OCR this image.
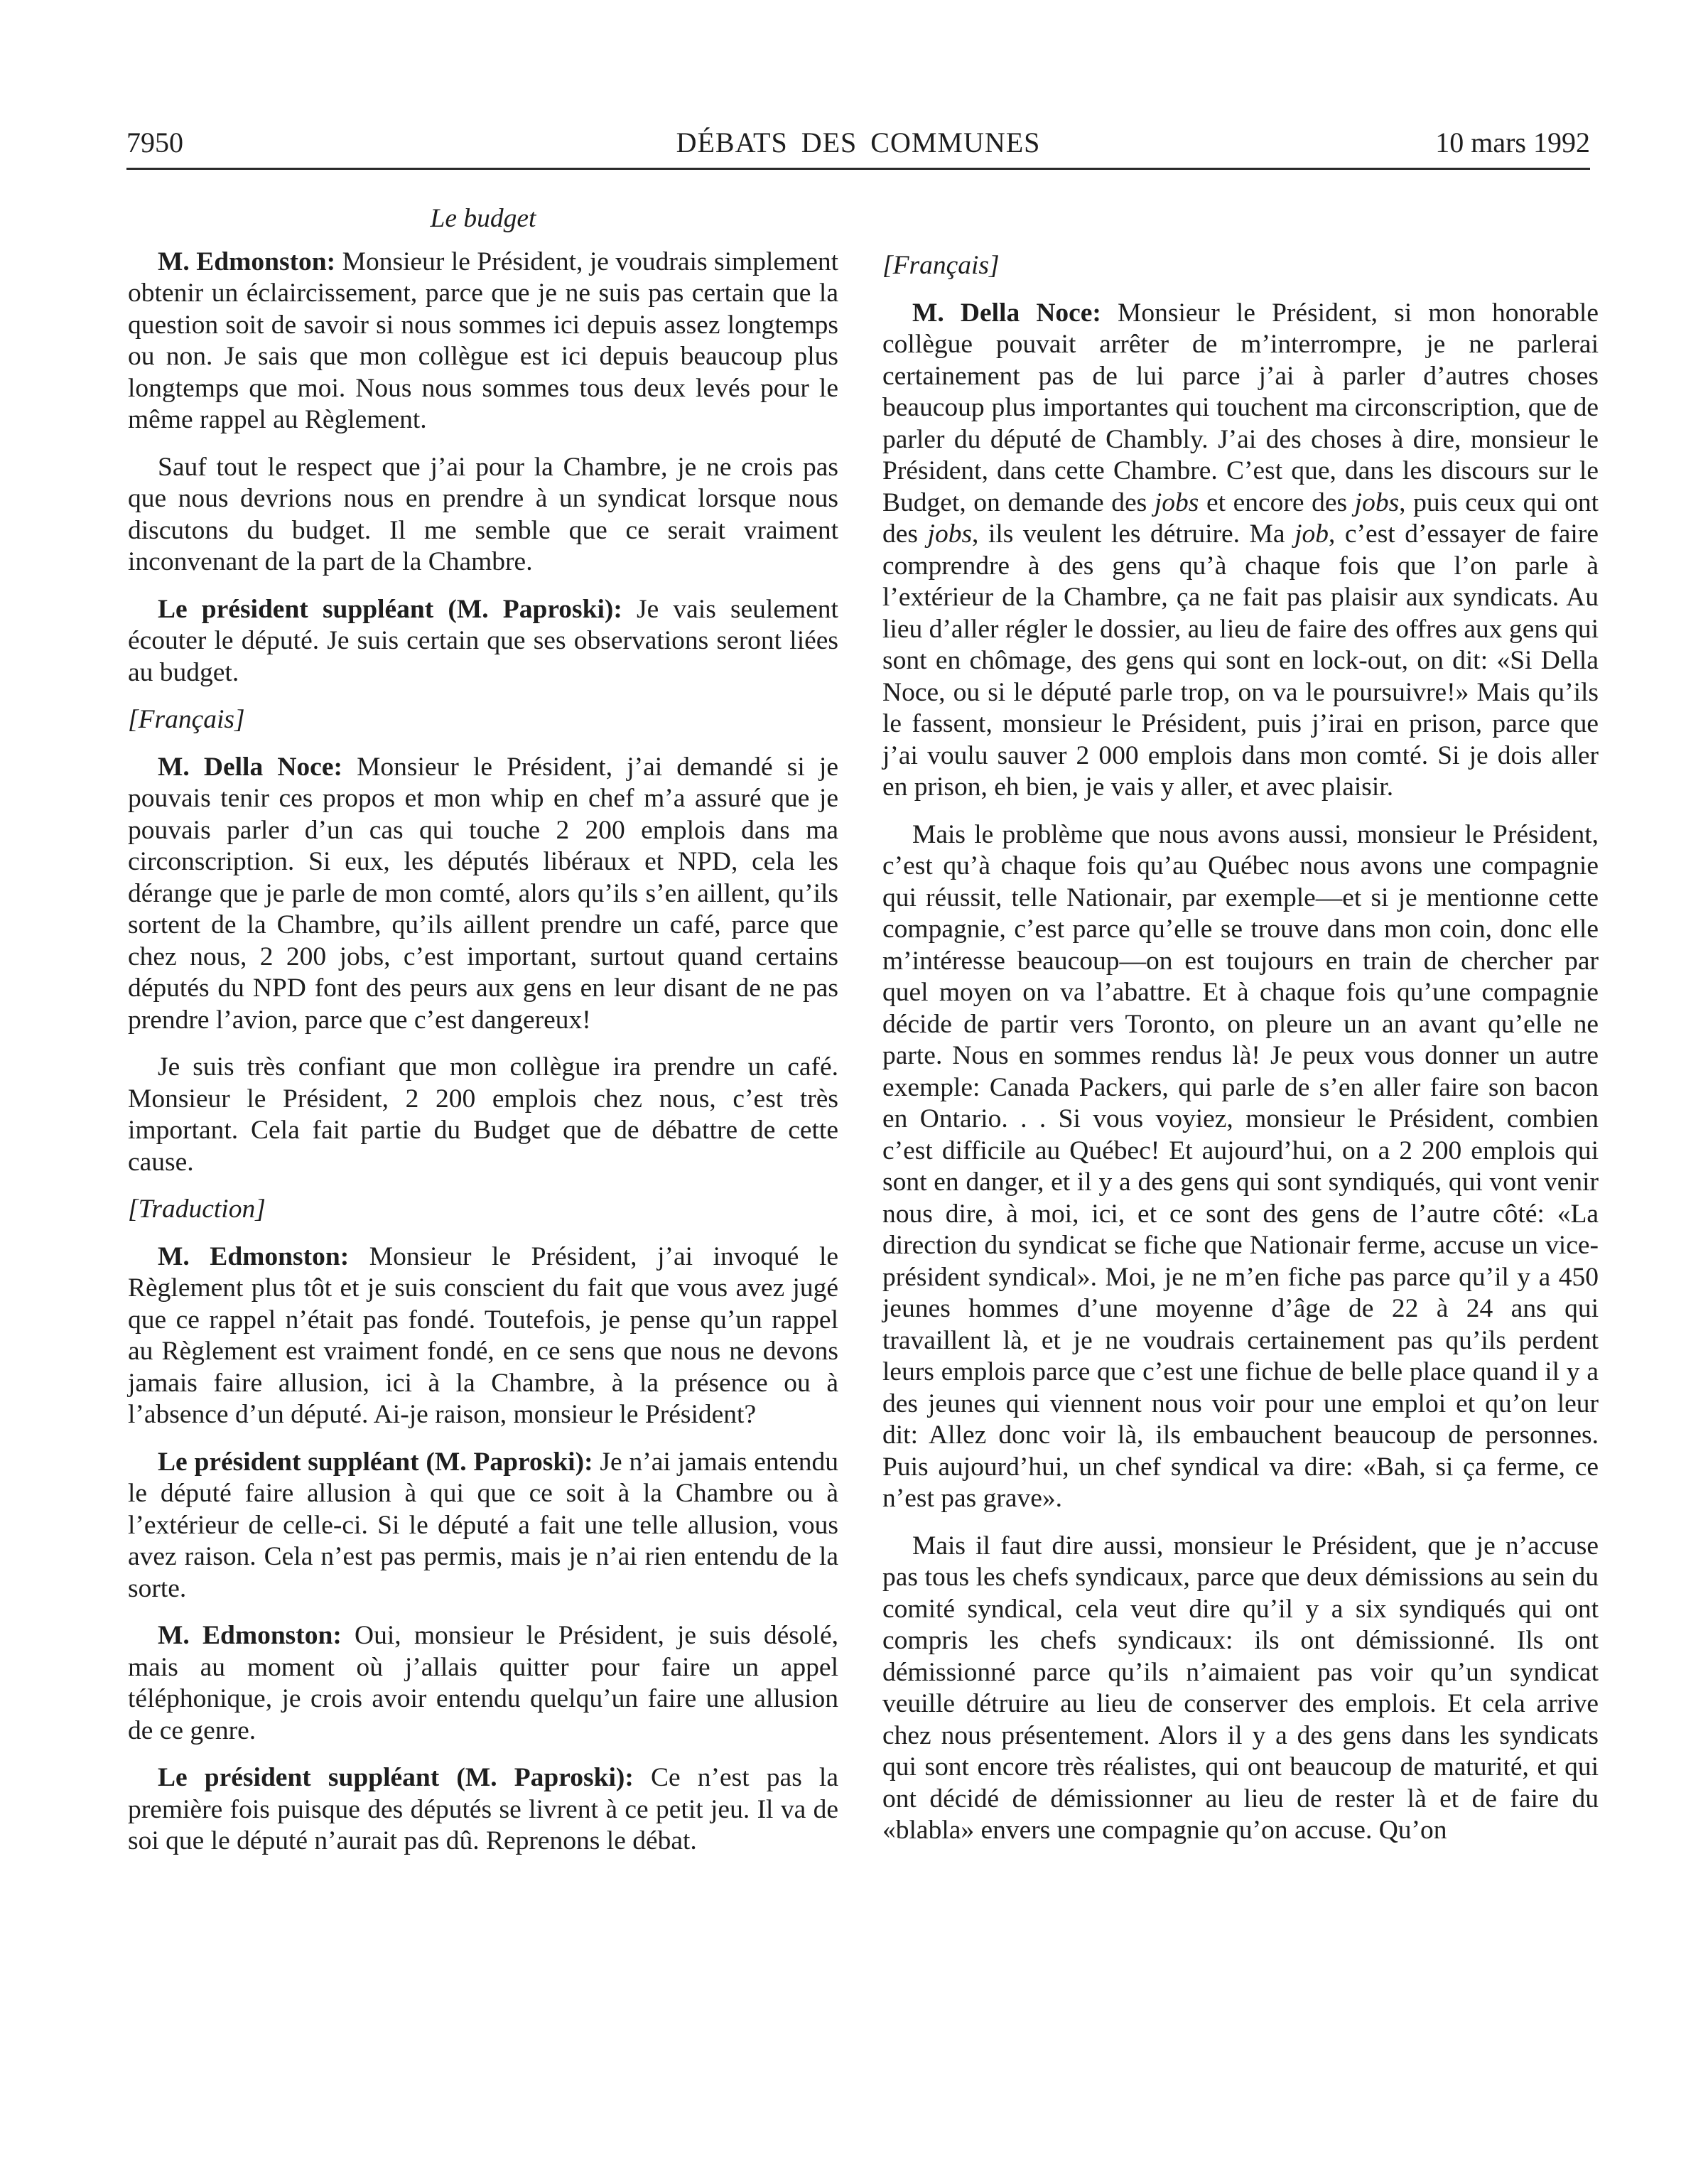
7950	DÉBATS DES COMMUNES	10 mars 1992
Le budget

M. Edmonston: Monsieur le Président, je voudrais simplement obtenir un éclaircissement, parce que je ne suis pas certain que la question soit de savoir si nous sommes ici depuis assez longtemps ou non. Je sais que mon collègue est ici depuis beaucoup plus longtemps que moi. Nous nous sommes tous deux levés pour le même rappel au Règlement.

Sauf tout le respect que j’ai pour la Chambre, je ne crois pas que nous devrions nous en prendre à un syndicat lorsque nous discutons du budget. Il me semble que ce serait vraiment inconvenant de la part de la Chambre.

Le président suppléant (M. Paproski): Je vais seulement écouter le député. Je suis certain que ses observations seront liées au budget.

[Français]

M. Della Noce: Monsieur le Président, j’ai demandé si je pouvais tenir ces propos et mon whip en chef m’a assuré que je pouvais parler d’un cas qui touche 2 200 emplois dans ma circonscription. Si eux, les députés libéraux et NPD, cela les dérange que je parle de mon comté, alors qu’ils s’en aillent, qu’ils sortent de la Chambre, qu’ils aillent prendre un café, parce que chez nous, 2 200 jobs, c’est important, surtout quand certains députés du NPD font des peurs aux gens en leur disant de ne pas prendre l’avion, parce que c’est dangereux!

Je suis très confiant que mon collègue ira prendre un café. Monsieur le Président, 2 200 emplois chez nous, c’est très important. Cela fait partie du Budget que de débattre de cette cause.

[Traduction]

M. Edmonston: Monsieur le Président, j’ai invoqué le Règlement plus tôt et je suis conscient du fait que vous avez jugé que ce rappel n’était pas fondé. Toutefois, je pense qu’un rappel au Règlement est vraiment fondé, en ce sens que nous ne devons jamais faire allusion, ici à la Chambre, à la présence ou à l’absence d’un député. Ai-je raison, monsieur le Président?

Le président suppléant (M. Paproski): Je n’ai jamais entendu le député faire allusion à qui que ce soit à la Chambre ou à l’extérieur de celle-ci. Si le député a fait une telle allusion, vous avez raison. Cela n’est pas permis, mais je n’ai rien entendu de la sorte.

M. Edmonston: Oui, monsieur le Président, je suis désolé, mais au moment où j’allais quitter pour faire un appel téléphonique, je crois avoir entendu quelqu’un faire une allusion de ce genre.

Le président suppléant (M. Paproski): Ce n’est pas la première fois puisque des députés se livrent à ce petit jeu. Il va de soi que le député n’aurait pas dû. Reprenons le débat.

[Français]

M. Della Noce: Monsieur le Président, si mon honorable collègue pouvait arrêter de m’interrompre, je ne parlerai certainement pas de lui parce j’ai à parler d’autres choses beaucoup plus importantes qui touchent ma circonscription, que de parler du député de Chambly. J’ai des choses à dire, monsieur le Président, dans cette Chambre. C’est que, dans les discours sur le Budget, on demande des jobs et encore des jobs, puis ceux qui ont des jobs, ils veulent les détruire. Ma job, c’est d’essayer de faire comprendre à des gens qu’à chaque fois que l’on parle à l’extérieur de la Chambre, ça ne fait pas plaisir aux syndicats. Au lieu d’aller régler le dossier, au lieu de faire des offres aux gens qui sont en chômage, des gens qui sont en lock-out, on dit: «Si Della Noce, ou si le député parle trop, on va le poursuivre!» Mais qu’ils le fassent, monsieur le Président, puis j’irai en prison, parce que j’ai voulu sauver 2 000 emplois dans mon comté. Si je dois aller en prison, eh bien, je vais y aller, et avec plaisir.

Mais le problème que nous avons aussi, monsieur le Président, c’est qu’à chaque fois qu’au Québec nous avons une compagnie qui réussit, telle Nationair, par exemple—et si je mentionne cette compagnie, c’est parce qu’elle se trouve dans mon coin, donc elle m’intéresse beaucoup—on est toujours en train de chercher par quel moyen on va l’abattre. Et à chaque fois qu’une compagnie décide de partir vers Toronto, on pleure un an avant qu’elle ne parte. Nous en sommes rendus là! Je peux vous donner un autre exemple: Canada Packers, qui parle de s’en aller faire son bacon en Ontario. . . Si vous voyiez, monsieur le Président, combien c’est difficile au Québec! Et aujourd’hui, on a 2 200 emplois qui sont en danger, et il y a des gens qui sont syndiqués, qui vont venir nous dire, à moi, ici, et ce sont des gens de l’autre côté: «La direction du syndicat se fiche que Nationair ferme, accuse un vice-président syndical». Moi, je ne m’en fiche pas parce qu’il y a 450 jeunes hommes d’une moyenne d’âge de 22 à 24 ans qui travaillent là, et je ne voudrais certainement pas qu’ils perdent leurs emplois parce que c’est une fichue de belle place quand il y a des jeunes qui viennent nous voir pour une emploi et qu’on leur dit: Allez donc voir là, ils embauchent beaucoup de personnes. Puis aujourd’hui, un chef syndical va dire: «Bah, si ça ferme, ce n’est pas grave».

Mais il faut dire aussi, monsieur le Président, que je n’accuse pas tous les chefs syndicaux, parce que deux démissions au sein du comité syndical, cela veut dire qu’il y a six syndiqués qui ont compris les chefs syndicaux: ils ont démissionné. Ils ont démissionné parce qu’ils n’aimaient pas voir qu’un syndicat veuille détruire au lieu de conserver des emplois. Et cela arrive chez nous présentement. Alors il y a des gens dans les syndicats qui sont encore très réalistes, qui ont beaucoup de maturité, et qui ont décidé de démissionner au lieu de rester là et de faire du «blabla» envers une compagnie qu’on accuse. Qu’on
